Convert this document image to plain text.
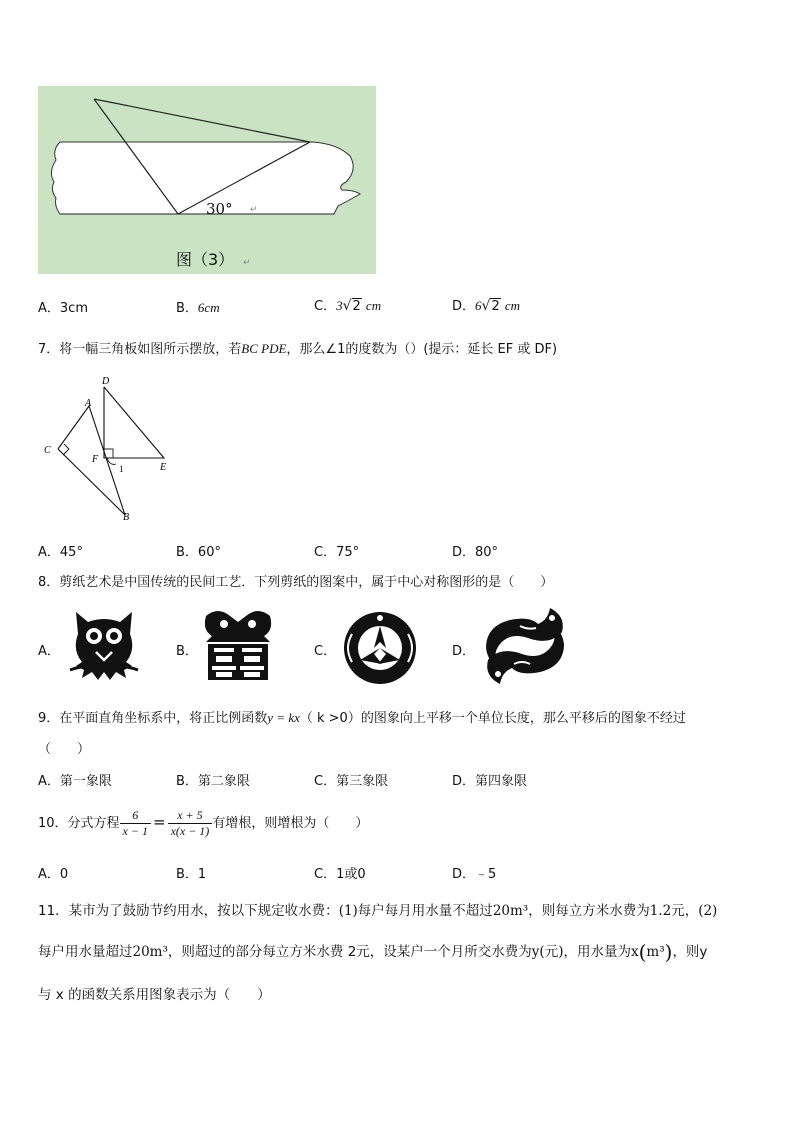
30° ↵
图（3） ↵
A．3cm	B．6cm	C．3√2 cm	D．6√2 cm
7．将一幅三角板如图所示摆放，若BC PDE，那么∠1的度数为（）(提示：延长 EF 或 DF)
A
D
C
F
1	E
B
A．45°	B．60°	C．75°	D．80°
8．剪纸艺术是中国传统的民间工艺．下列剪纸的图案中，属于中心对称图形的是（　　）
A．	B．	C．	D．
9．在平面直角坐标系中，将正比例函数y = kx（ k >0）的图象向上平移一个单位长度，那么平移后的图象不经过
（　　）
A．第一象限	B．第二象限	C．第三象限	D．第四象限
10．分式方程 $\frac{6}{x - 1} = \frac{x + 5}{x(x - 1)}$ 有增根，则增根为（　　）
A．0	B．1	C．1或0	D．﹣5
11．某市为了鼓励节约用水，按以下规定收水费：(1)每户每月用水量不超过20m³，则每立方米水费为1.2元，(2)
每户用水量超过20m³，则超过的部分每立方米水费 2元，设某户一个月所交水费为y(元)，用水量为x(m³)，则y
与 x 的函数关系用图象表示为（　　）
